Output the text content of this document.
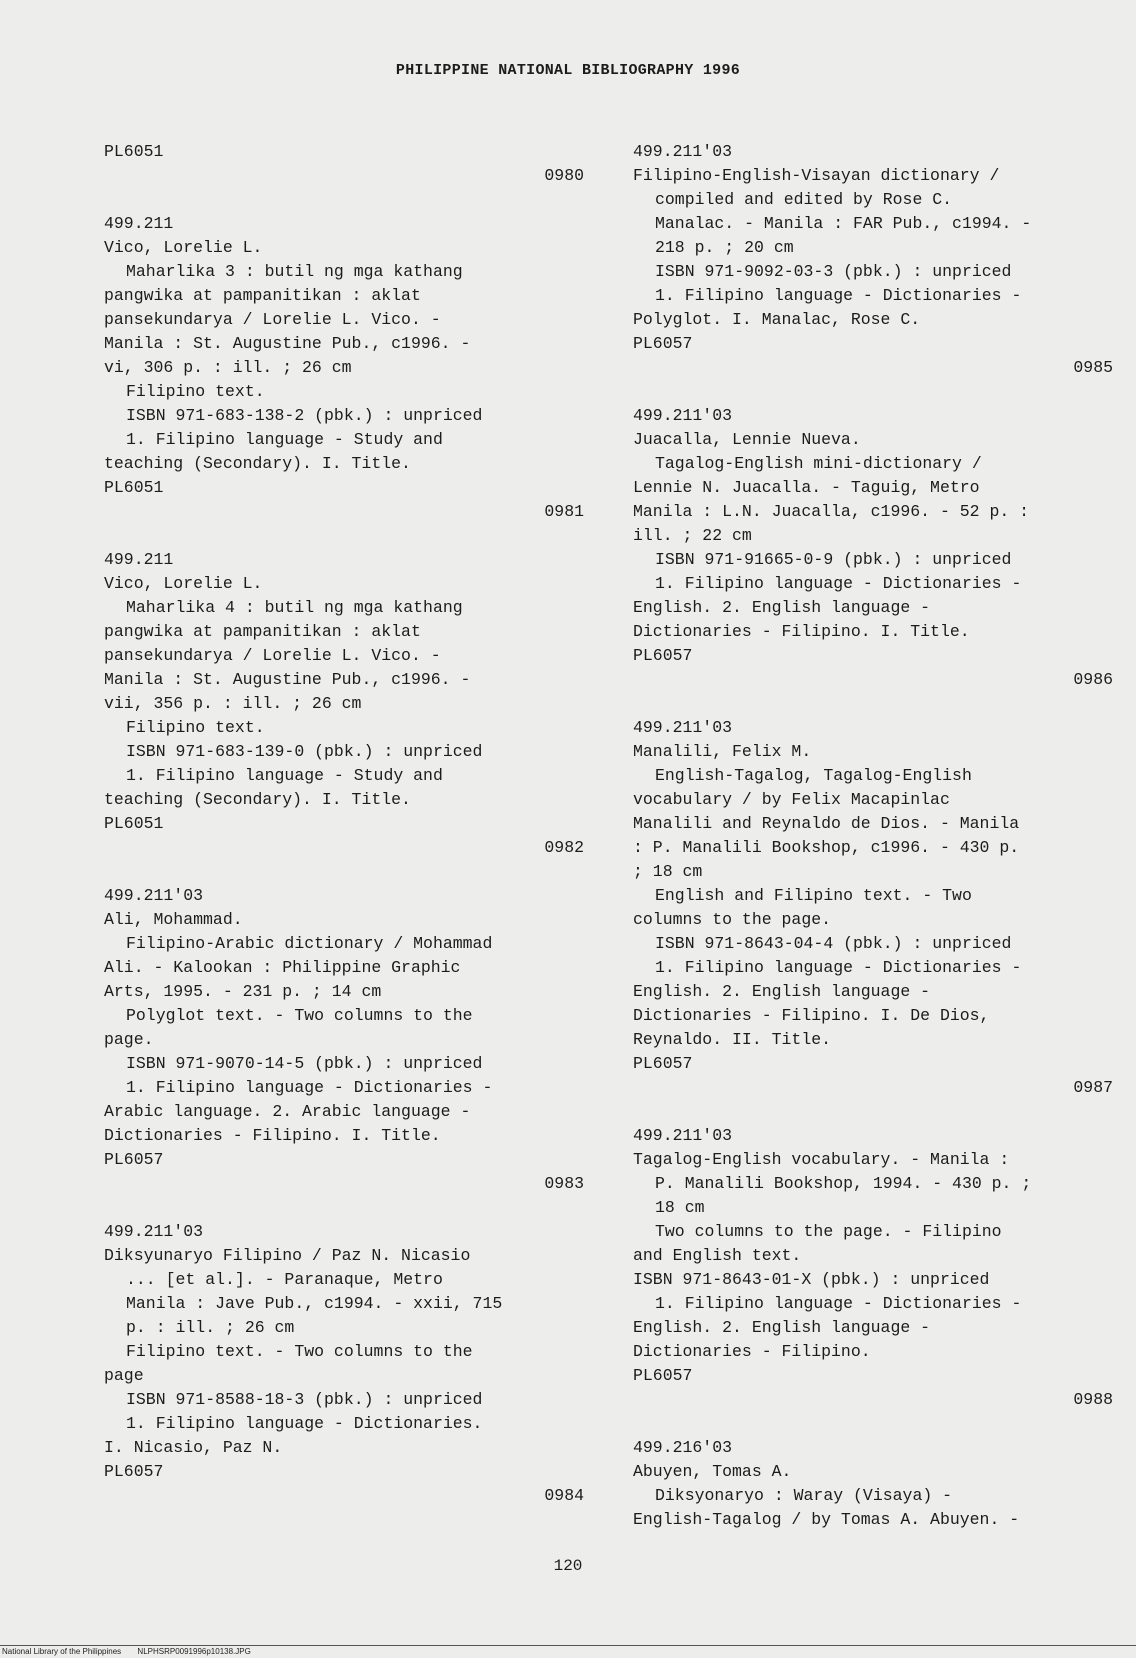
PHILIPPINE NATIONAL BIBLIOGRAPHY 1996
PL6051
0980
499.211
Vico, Lorelie L.
Maharlika 3 : butil ng mga kathang
pangwika at pampanitikan : aklat
pansekundarya / Lorelie L. Vico. -
Manila : St. Augustine Pub., c1996. -
vi, 306 p. : ill. ; 26 cm
Filipino text.
ISBN 971-683-138-2 (pbk.) : unpriced
1. Filipino language - Study and
teaching (Secondary). I. Title.
PL6051
0981
499.211
Vico, Lorelie L.
Maharlika 4 : butil ng mga kathang
pangwika at pampanitikan : aklat
pansekundarya / Lorelie L. Vico. -
Manila : St. Augustine Pub., c1996. -
vii, 356 p. : ill. ; 26 cm
Filipino text.
ISBN 971-683-139-0 (pbk.) : unpriced
1. Filipino language - Study and
teaching (Secondary). I. Title.
PL6051
0982
499.211'03
Ali, Mohammad.
Filipino-Arabic dictionary / Mohammad
Ali. - Kalookan : Philippine Graphic
Arts, 1995. - 231 p. ; 14 cm
Polyglot text. - Two columns to the
page.
ISBN 971-9070-14-5 (pbk.) : unpriced
1. Filipino language - Dictionaries -
Arabic language. 2. Arabic language -
Dictionaries - Filipino. I. Title.
PL6057
0983
499.211'03
Diksyunaryo Filipino / Paz N. Nicasio
... [et al.]. - Paranaque, Metro
Manila : Jave Pub., c1994. - xxii, 715
p. : ill. ; 26 cm
Filipino text. - Two columns to the
page
ISBN 971-8588-18-3 (pbk.) : unpriced
1. Filipino language - Dictionaries.
I. Nicasio, Paz N.
PL6057
0984
499.211'03
Filipino-English-Visayan dictionary /
compiled and edited by Rose C.
Manalac. - Manila : FAR Pub., c1994. -
218 p. ; 20 cm
ISBN 971-9092-03-3 (pbk.) : unpriced
1. Filipino language - Dictionaries -
Polyglot. I. Manalac, Rose C.
PL6057
0985
499.211'03
Juacalla, Lennie Nueva.
Tagalog-English mini-dictionary /
Lennie N. Juacalla. - Taguig, Metro
Manila : L.N. Juacalla, c1996. - 52 p. :
ill. ; 22 cm
ISBN 971-91665-0-9 (pbk.) : unpriced
1. Filipino language - Dictionaries -
English. 2. English language -
Dictionaries - Filipino. I. Title.
PL6057
0986
499.211'03
Manalili, Felix M.
English-Tagalog, Tagalog-English
vocabulary / by Felix Macapinlac
Manalili and Reynaldo de Dios. - Manila
: P. Manalili Bookshop, c1996. - 430 p.
; 18 cm
English and Filipino text. - Two
columns to the page.
ISBN 971-8643-04-4 (pbk.) : unpriced
1. Filipino language - Dictionaries -
English. 2. English language -
Dictionaries - Filipino. I. De Dios,
Reynaldo. II. Title.
PL6057
0987
499.211'03
Tagalog-English vocabulary. - Manila :
P. Manalili Bookshop, 1994. - 430 p. ;
18 cm
Two columns to the page. - Filipino
and English text.
ISBN 971-8643-01-X (pbk.) : unpriced
1. Filipino language - Dictionaries -
English. 2. English language -
Dictionaries - Filipino.
PL6057
0988
499.216'03
Abuyen, Tomas A.
Diksyonaryo : Waray (Visaya) -
English-Tagalog / by Tomas A. Abuyen. -
120
National Library of the Philippines NLPHSRP0091996p10138.JPG
